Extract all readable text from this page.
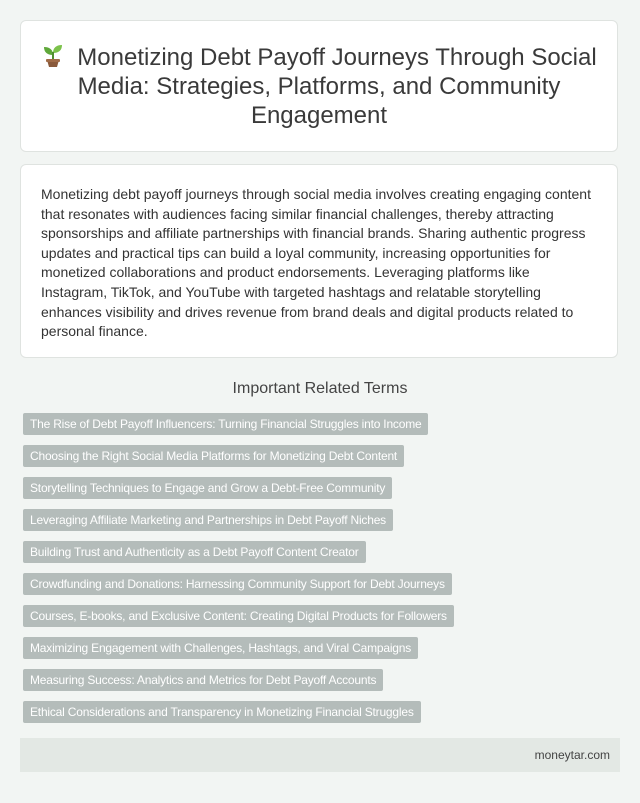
Monetizing Debt Payoff Journeys Through Social Media: Strategies, Platforms, and Community Engagement

Monetizing debt payoff journeys through social media involves creating engaging content that resonates with audiences facing similar financial challenges, thereby attracting sponsorships and affiliate partnerships with financial brands. Sharing authentic progress updates and practical tips can build a loyal community, increasing opportunities for monetized collaborations and product endorsements. Leveraging platforms like Instagram, TikTok, and YouTube with targeted hashtags and relatable storytelling enhances visibility and drives revenue from brand deals and digital products related to personal finance.

Important Related Terms
The Rise of Debt Payoff Influencers: Turning Financial Struggles into Income
Choosing the Right Social Media Platforms for Monetizing Debt Content
Storytelling Techniques to Engage and Grow a Debt-Free Community
Leveraging Affiliate Marketing and Partnerships in Debt Payoff Niches
Building Trust and Authenticity as a Debt Payoff Content Creator
Crowdfunding and Donations: Harnessing Community Support for Debt Journeys
Courses, E-books, and Exclusive Content: Creating Digital Products for Followers
Maximizing Engagement with Challenges, Hashtags, and Viral Campaigns
Measuring Success: Analytics and Metrics for Debt Payoff Accounts
Ethical Considerations and Transparency in Monetizing Financial Struggles
moneytar.com
